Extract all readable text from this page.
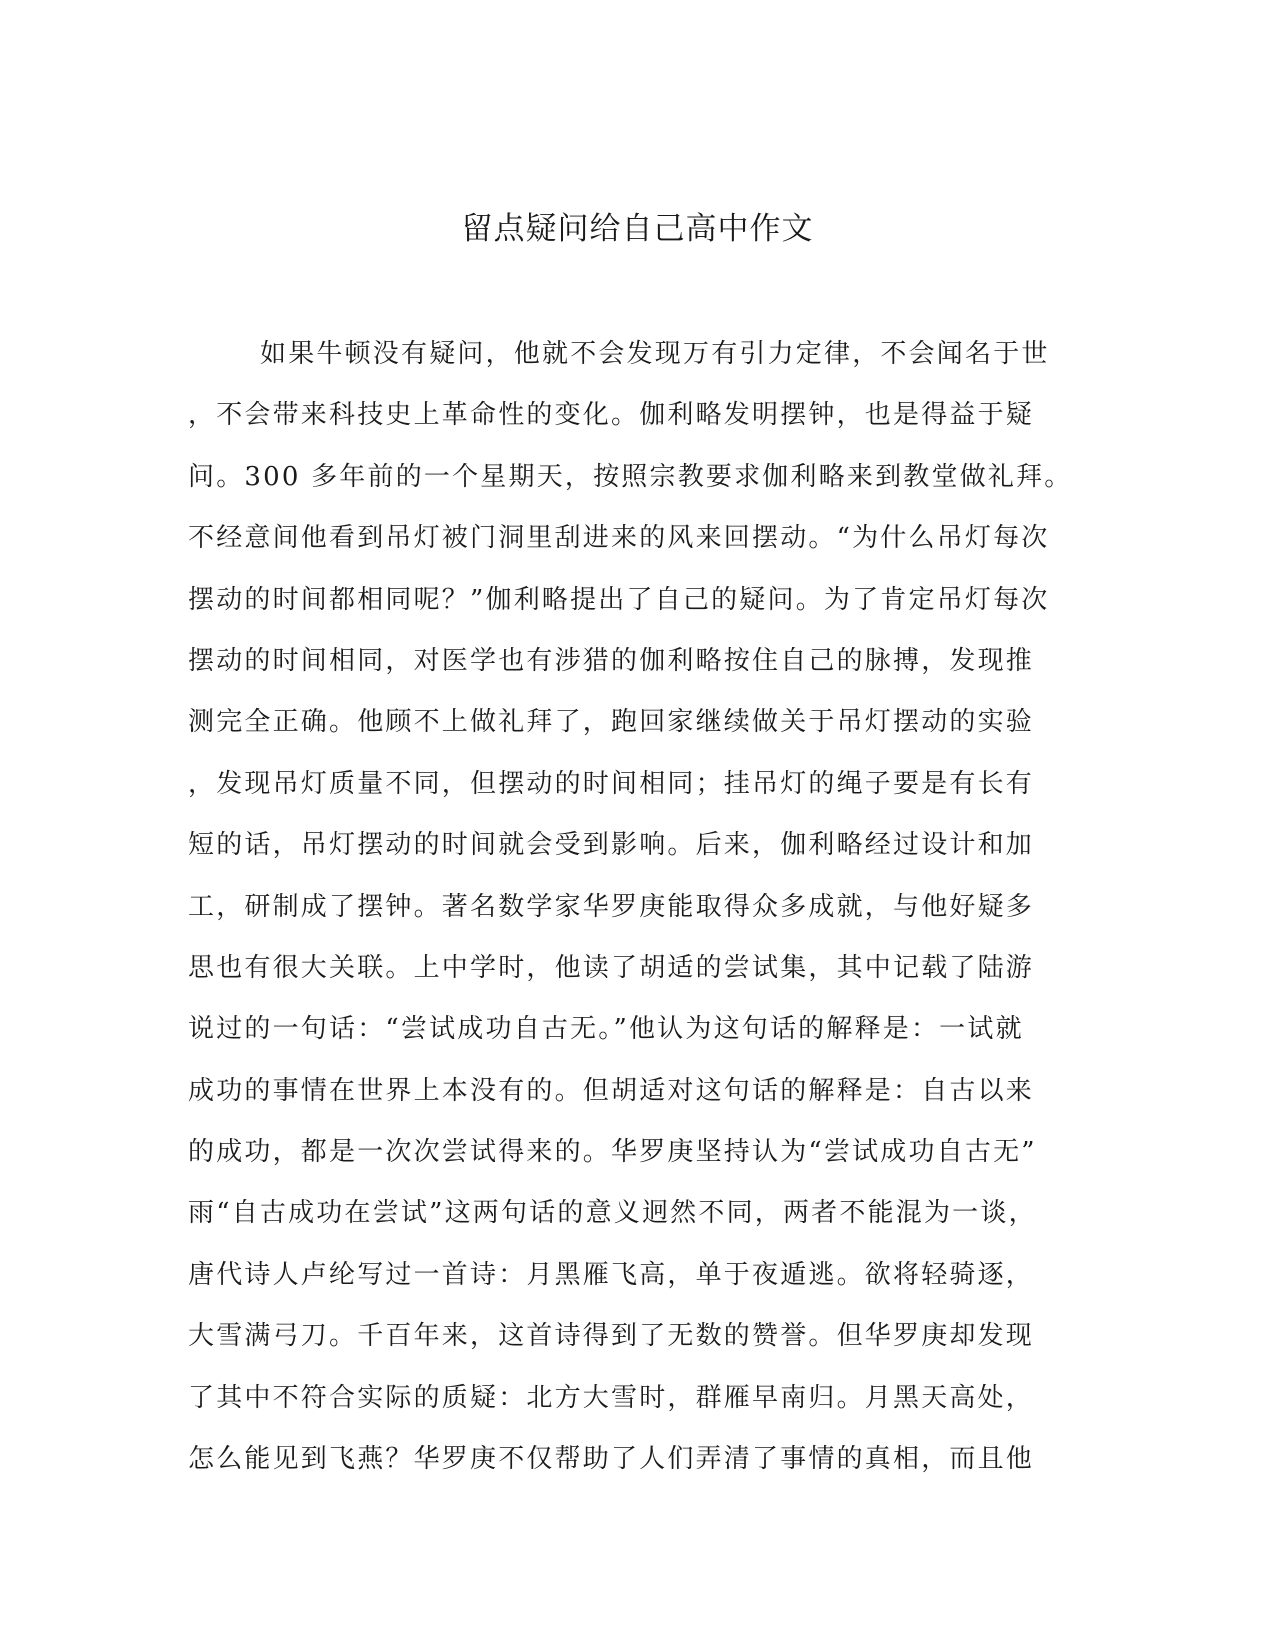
留点疑问给自己高中作文
如果牛顿没有疑问，他就不会发现万有引力定律，不会闻名于世
，不会带来科技史上革命性的变化。伽利略发明摆钟，也是得益于疑
问。300 多年前的一个星期天，按照宗教要求伽利略来到教堂做礼拜。
不经意间他看到吊灯被门洞里刮进来的风来回摆动。“为什么吊灯每次
摆动的时间都相同呢？”伽利略提出了自己的疑问。为了肯定吊灯每次
摆动的时间相同，对医学也有涉猎的伽利略按住自己的脉搏，发现推
测完全正确。他顾不上做礼拜了，跑回家继续做关于吊灯摆动的实验
，发现吊灯质量不同，但摆动的时间相同；挂吊灯的绳子要是有长有
短的话，吊灯摆动的时间就会受到影响。后来，伽利略经过设计和加
工，研制成了摆钟。著名数学家华罗庚能取得众多成就，与他好疑多
思也有很大关联。上中学时，他读了胡适的尝试集，其中记载了陆游
说过的一句话：“尝试成功自古无。”他认为这句话的解释是：一试就
成功的事情在世界上本没有的。但胡适对这句话的解释是：自古以来
的成功，都是一次次尝试得来的。华罗庚坚持认为“尝试成功自古无”
雨“自古成功在尝试”这两句话的意义迥然不同，两者不能混为一谈，
唐代诗人卢纶写过一首诗：月黑雁飞高，单于夜遁逃。欲将轻骑逐，
大雪满弓刀。千百年来，这首诗得到了无数的赞誉。但华罗庚却发现
了其中不符合实际的质疑：北方大雪时，群雁早南归。月黑天高处，
怎么能见到飞燕？华罗庚不仅帮助了人们弄清了事情的真相，而且他
